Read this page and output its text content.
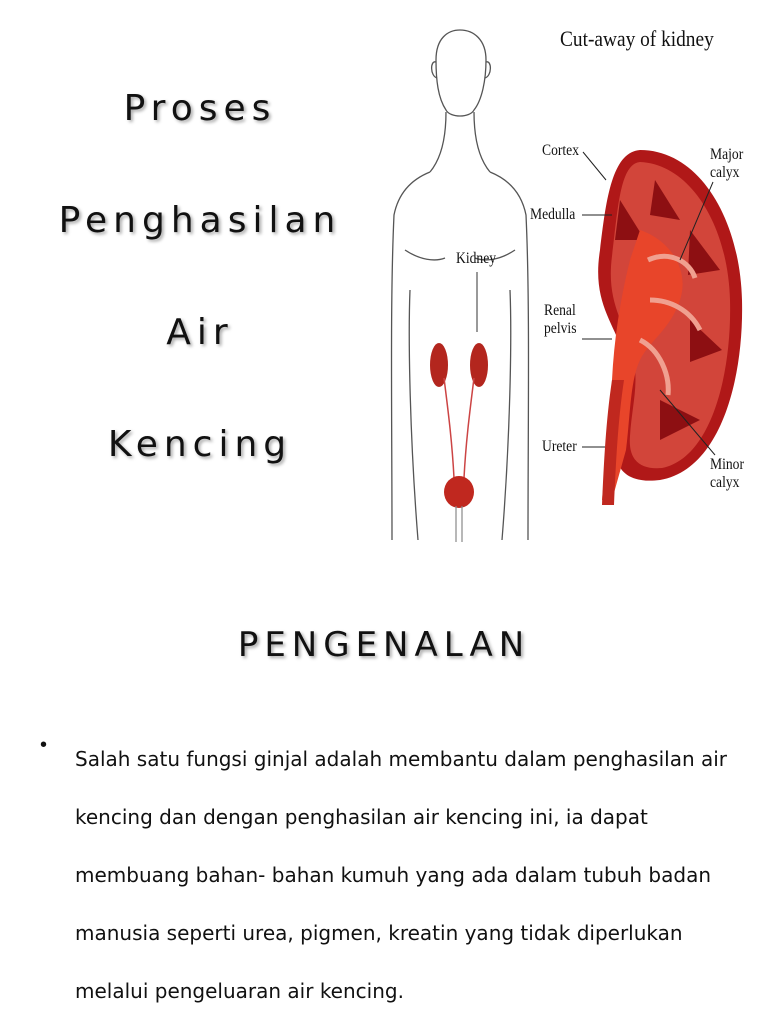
Proses
Penghasilan
Air
Kencing
Cut-away of kidney
Kidney
Cortex
Medulla
Renal
pelvis
Ureter
Major
calyx
Minor
calyx
PENGENALAN
•
Salah satu fungsi ginjal adalah membantu dalam penghasilan air kencing dan dengan penghasilan air kencing ini, ia dapat membuang bahan- bahan kumuh yang ada dalam tubuh badan manusia seperti urea, pigmen, kreatin yang tidak diperlukan melalui pengeluaran air kencing.
